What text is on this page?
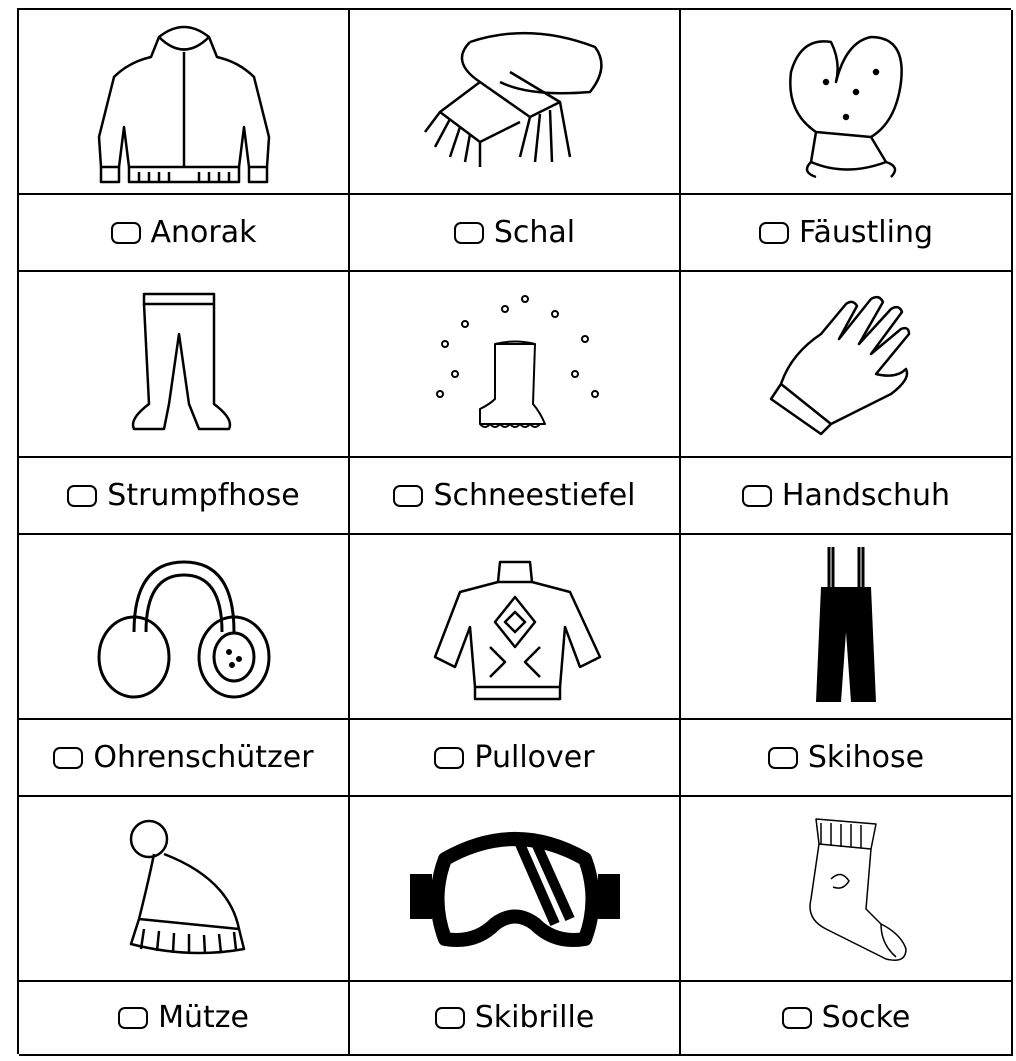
Anorak	Schal	Fäustling
Strumpfhose	Schneestiefel	Handschuh
Ohrenschützer	Pullover	Skihose
Mütze	Skibrille	Socke
